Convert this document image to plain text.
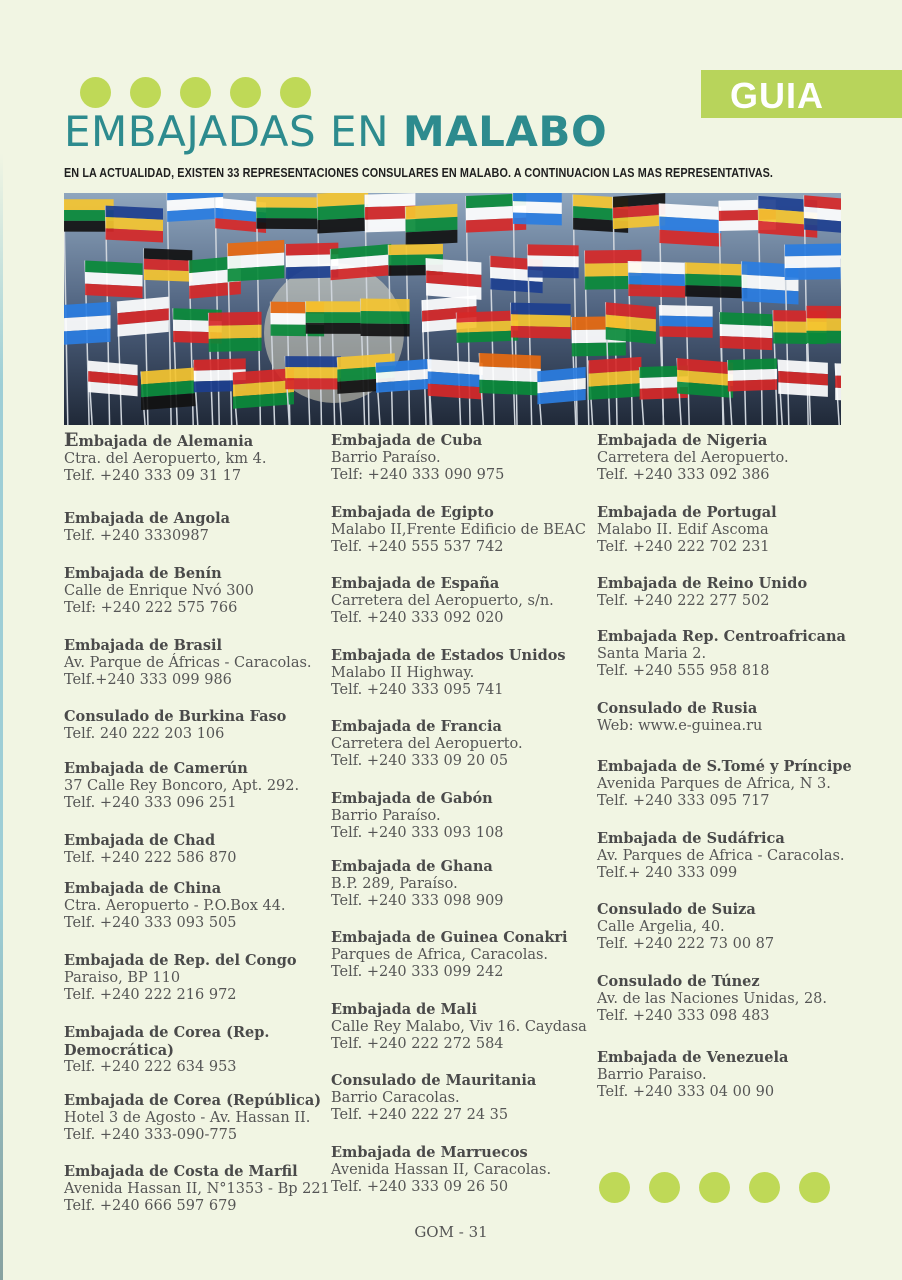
GUIA
EMBAJADAS EN MALABO

EN LA ACTUALIDAD, EXISTEN 33 REPRESENTACIONES CONSULARES EN MALABO. A CONTINUACION LAS MAS REPRESENTATIVAS.

Embajada de Alemania
Ctra. del Aeropuerto, km 4.
Telf. +240 333 09 31 17
Embajada de Angola
Telf. +240 3330987
Embajada de Benín
Calle de Enrique Nvó 300
Telf: +240 222 575 766
Embajada de Brasil
Av. Parque de Áfricas - Caracolas.
Telf.+240 333 099 986
Consulado de Burkina Faso
Telf. 240 222 203 106
Embajada de Camerún
37 Calle Rey Boncoro, Apt. 292.
Telf. +240 333 096 251
Embajada de Chad
Telf. +240 222 586 870
Embajada de China
Ctra. Aeropuerto - P.O.Box 44.
Telf. +240 333 093 505
Embajada de Rep. del Congo
Paraiso, BP 110
Telf. +240 222 216 972
Embajada de Corea (Rep. Democrática)
Telf. +240 222 634 953
Embajada de Corea (República)
Hotel 3 de Agosto - Av. Hassan II.
Telf. +240 333-090-775
Embajada de Costa de Marfil
Avenida Hassan II, N°1353 - Bp 221
Telf. +240 666 597 679
Embajada de Cuba
Barrio Paraíso.
Telf: +240 333 090 975
Embajada de Egipto
Malabo II,Frente Edificio de BEAC
Telf. +240 555 537 742
Embajada de España
Carretera del Aeropuerto, s/n.
Telf. +240 333 092 020
Embajada de Estados Unidos
Malabo II Highway.
Telf. +240 333 095 741
Embajada de Francia
Carretera del Aeropuerto.
Telf. +240 333 09 20 05
Embajada de Gabón
Barrio Paraíso.
Telf. +240 333 093 108
Embajada de Ghana
B.P. 289, Paraíso.
Telf. +240 333 098 909
Embajada de Guinea Conakri
Parques de Africa, Caracolas.
Telf. +240 333 099 242
Embajada de Mali
Calle Rey Malabo, Viv 16. Caydasa
Telf. +240 222 272 584
Consulado de Mauritania
Barrio Caracolas.
Telf. +240 222 27 24 35
Embajada de Marruecos
Avenida Hassan II, Caracolas.
Telf. +240 333 09 26 50
Embajada de Nigeria
Carretera del Aeropuerto.
Telf. +240 333 092 386
Embajada de Portugal
Malabo II. Edif Ascoma
Telf. +240 222 702 231
Embajada de Reino Unido
Telf. +240 222 277 502
Embajada Rep. Centroafricana
Santa Maria 2.
Telf. +240 555 958 818
Consulado de Rusia
Web: www.e-guinea.ru
Embajada de S.Tomé y Príncipe
Avenida Parques de Africa, N 3.
Telf. +240 333 095 717
Embajada de Sudáfrica
Av. Parques de Africa - Caracolas.
Telf.+ 240 333 099
Consulado de Suiza
Calle Argelia, 40.
Telf. +240 222 73 00 87
Consulado de Túnez
Av. de las Naciones Unidas, 28.
Telf. +240 333 098 483
Embajada de Venezuela
Barrio Paraiso.
Telf. +240 333 04 00 90
GOM - 31
